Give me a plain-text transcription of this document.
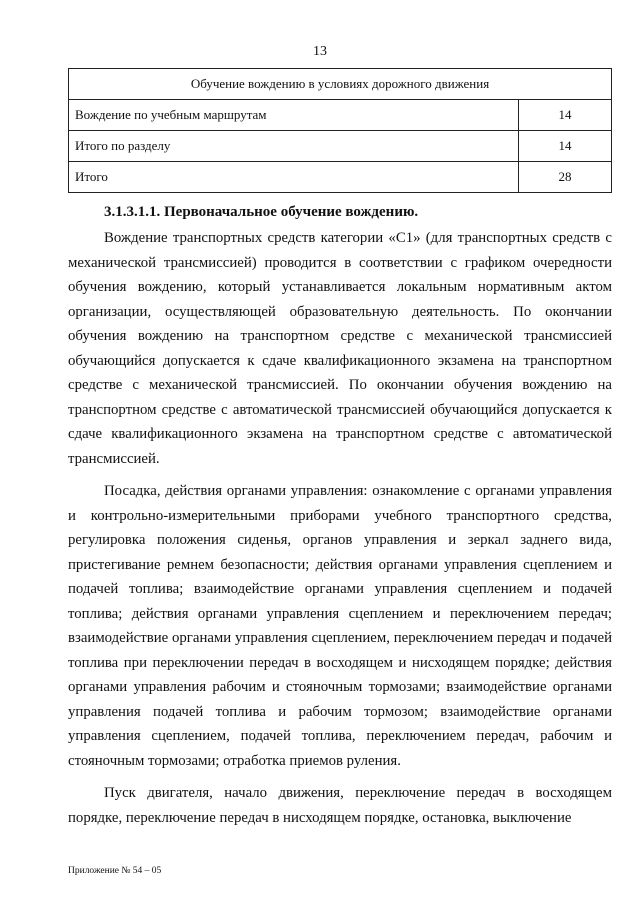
13
Обучение вождению в условиях дорожного движения	
Вождение по учебным маршрутам	14
Итого по разделу	14
Итого	28
3.1.3.1.1. Первоначальное обучение вождению.

Вождение транспортных средств категории «С1» (для транспортных средств с механической трансмиссией) проводится в соответствии с графиком очередности обучения вождению, который устанавливается локальным нормативным актом организации, осуществляющей образовательную деятельность. По окончании обучения вождению на транспортном средстве с механической трансмиссией обучающийся допускается к сдаче квалификационного экзамена на транспортном средстве с механической трансмиссией. По окончании обучения вождению на транспортном средстве с автоматической трансмиссией обучающийся допускается к сдаче квалификационного экзамена на транспортном средстве с автоматической трансмиссией.

Посадка, действия органами управления: ознакомление с органами управления и контрольно-измерительными приборами учебного транспортного средства, регулировка положения сиденья, органов управления и зеркал заднего вида, пристегивание ремнем безопасности; действия органами управления сцеплением и подачей топлива; взаимодействие органами управления сцеплением и подачей топлива; действия органами управления сцеплением и переключением передач; взаимодействие органами управления сцеплением, переключением передач и подачей топлива при переключении передач в восходящем и нисходящем порядке; действия органами управления рабочим и стояночным тормозами; взаимодействие органами управления подачей топлива и рабочим тормозом; взаимодействие органами управления сцеплением, подачей топлива, переключением передач, рабочим и стояночным тормозами; отработка приемов руления.

Пуск двигателя, начало движения, переключение передач в восходящем порядке, переключение передач в нисходящем порядке, остановка, выключение

Приложение № 54 – 05
